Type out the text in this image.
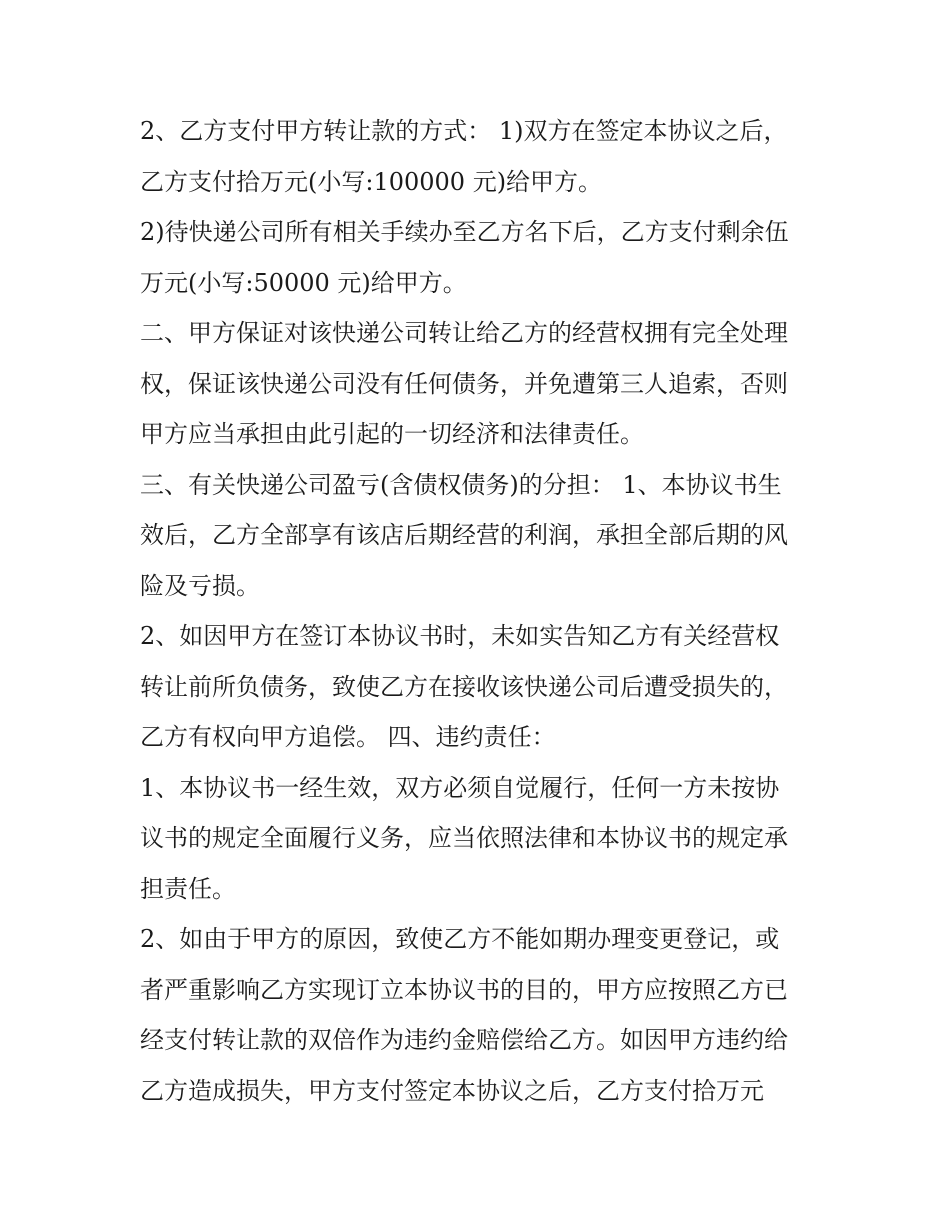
2、乙方支付甲方转让款的方式： 1)双方在签定本协议之后，
乙方支付拾万元(小写:100000 元)给甲方。
2)待快递公司所有相关手续办至乙方名下后，乙方支付剩余伍
万元(小写:50000 元)给甲方。
二、甲方保证对该快递公司转让给乙方的经营权拥有完全处理
权，保证该快递公司没有任何债务，并免遭第三人追索，否则
甲方应当承担由此引起的一切经济和法律责任。
三、有关快递公司盈亏(含债权债务)的分担： 1、本协议书生
效后，乙方全部享有该店后期经营的利润，承担全部后期的风
险及亏损。
2、如因甲方在签订本协议书时，未如实告知乙方有关经营权
转让前所负债务，致使乙方在接收该快递公司后遭受损失的，
乙方有权向甲方追偿。 四、违约责任：
1、本协议书一经生效，双方必须自觉履行，任何一方未按协
议书的规定全面履行义务，应当依照法律和本协议书的规定承
担责任。
2、如由于甲方的原因，致使乙方不能如期办理变更登记，或
者严重影响乙方实现订立本协议书的目的，甲方应按照乙方已
经支付转让款的双倍作为违约金赔偿给乙方。如因甲方违约给
乙方造成损失，甲方支付签定本协议之后，乙方支付拾万元
